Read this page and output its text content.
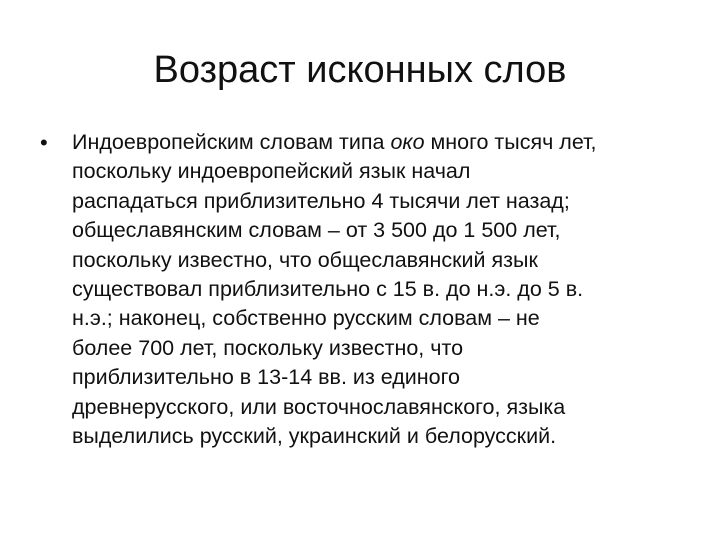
Возраст исконных слов
• Индоевропейским словам типа око много тысяч лет,
поскольку индоевропейский язык начал
распадаться приблизительно 4 тысячи лет назад;
общеславянским словам – от 3 500 до 1 500 лет,
поскольку известно, что общеславянский язык
существовал приблизительно с 15 в. до н.э. до 5 в.
н.э.; наконец, собственно русским словам – не
более 700 лет, поскольку известно, что
приблизительно в 13-14 вв. из единого
древнерусского, или восточнославянского, языка
выделились русский, украинский и белорусский.
